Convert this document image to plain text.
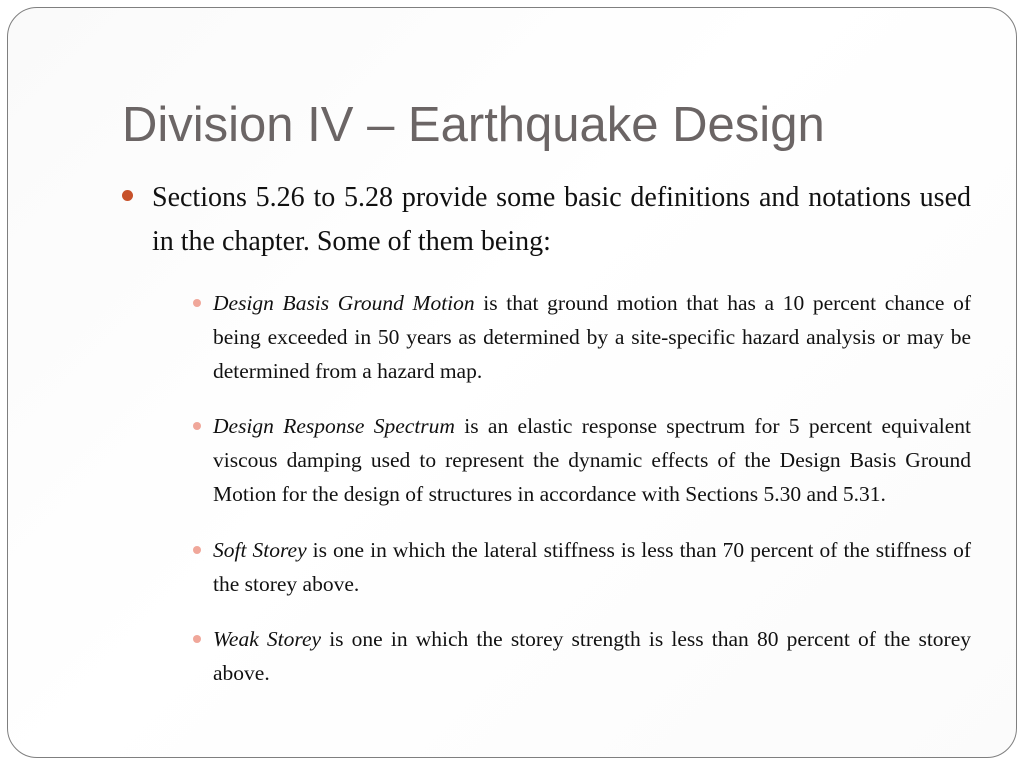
Division IV – Earthquake Design

Sections 5.26 to 5.28 provide some basic definitions and notations used in the chapter. Some of them being:

Design Basis Ground Motion is that ground motion that has a 10 percent chance of being exceeded in 50 years as determined by a site-specific hazard analysis or may be determined from a hazard map.

Design Response Spectrum is an elastic response spectrum for 5 percent equivalent viscous damping used to represent the dynamic effects of the Design Basis Ground Motion for the design of structures in accordance with Sections 5.30 and 5.31.

Soft Storey is one in which the lateral stiffness is less than 70 percent of the stiffness of the storey above.

Weak Storey is one in which the storey strength is less than 80 percent of the storey above.
